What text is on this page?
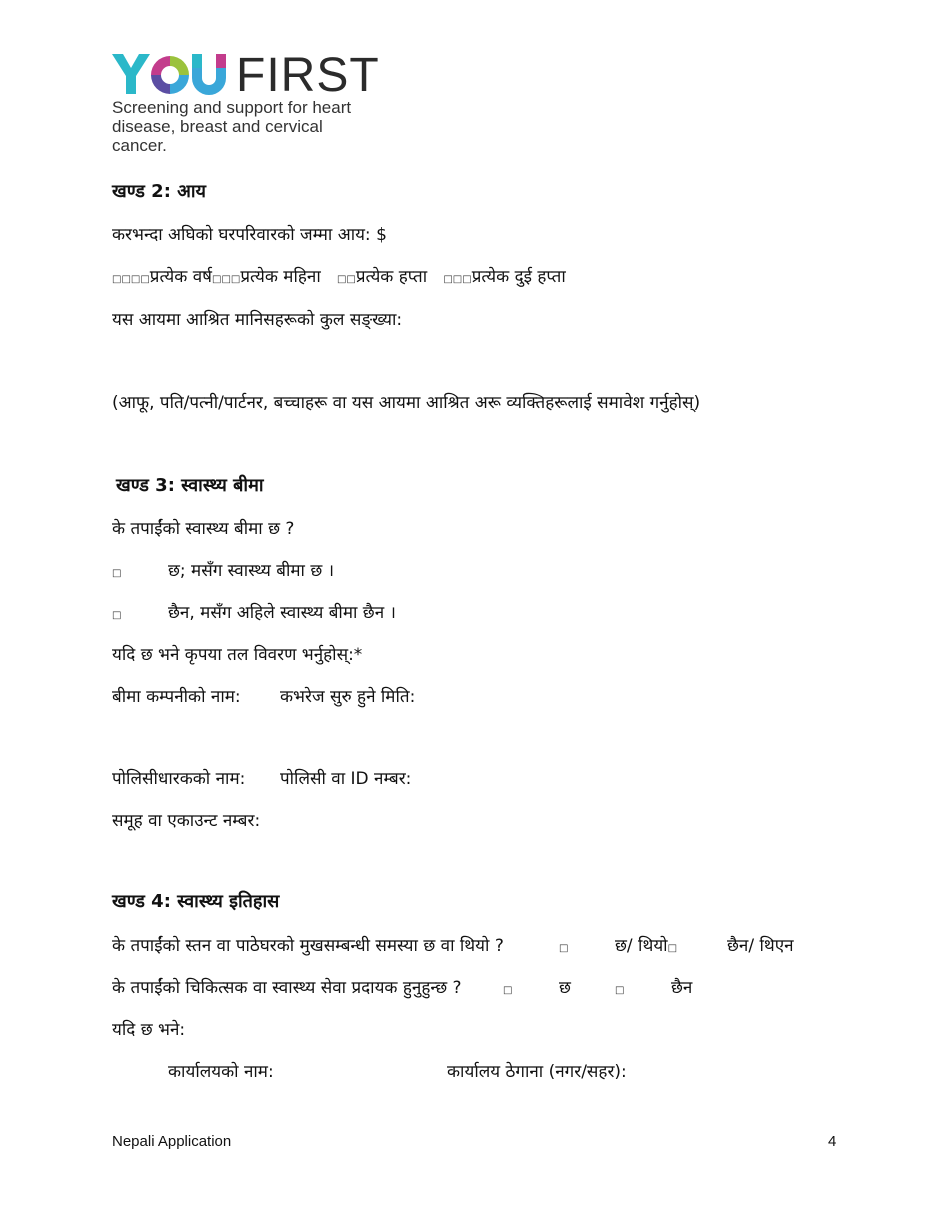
FIRST
Screening and support for heart
disease, breast and cervical cancer.
खण्ड 2: आय
करभन्दा अघिको घरपरिवारको जम्मा आय: $
□□□□प्रत्येक वर्ष□□□प्रत्येक महिना □□प्रत्येक हप्ता □□□प्रत्येक दुई हप्ता
यस आयमा आश्रित मानिसहरूको कुल सङ्ख्या:
(आफू, पति/पत्नी/पार्टनर, बच्चाहरू वा यस आयमा आश्रित अरू व्यक्तिहरूलाई समावेश गर्नुहोस्)
खण्ड 3: स्वास्थ्य बीमा
के तपाईंको स्वास्थ्य बीमा छ ?
□	छ; मसँग स्वास्थ्य बीमा छ ।
□	छैन, मसँग अहिले स्वास्थ्य बीमा छैन ।
यदि छ भने कृपया तल विवरण भर्नुहोस्:*
बीमा कम्पनीको नाम: कभरेज सुरु हुने मिति:
पोलिसीधारकको नाम: पोलिसी वा ID नम्बर:
समूह वा एकाउन्ट नम्बर:
खण्ड 4: स्वास्थ्य इतिहास
के तपाईंको स्तन वा पाठेघरको मुखसम्बन्धी समस्या छ वा थियो ?	□	छ/ थियो□	छैन/ थिएन
के तपाईंको चिकित्सक वा स्वास्थ्य सेवा प्रदायक हुनुहुन्छ ?	□	छ	□	छैन
यदि छ भने:
कार्यालयको नाम:	कार्यालय ठेगाना (नगर/सहर):
Nepali Application	4
